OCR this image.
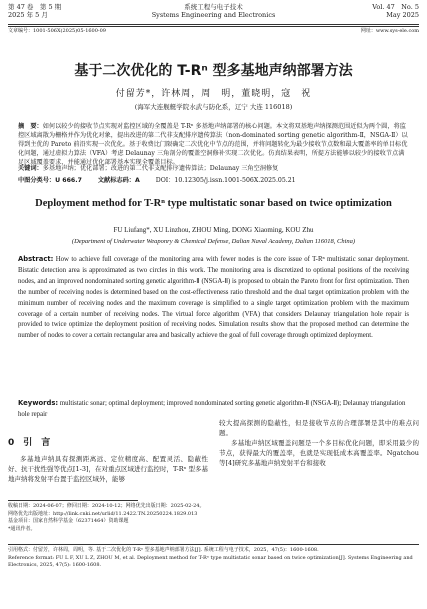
第 47 卷　第 5 期
2025 年 5 月
系统工程与电子技术
Systems Engineering and Electronics
Vol. 47　No. 5
May 2025
文章编号：1001-506X(2025)05-1600-09	网址：www.sys-ele.com
基于二次优化的 T-Rⁿ 型多基地声纳部署方法
付留芳*，许林周，周　明，董晓明，寇　祝
(海军大连舰艇学院水武与防化系，辽宁 大连 116018)
摘　要：如何以较少的接收节点实现对监控区域的全覆盖是 T-Rⁿ 多基地声纳部署的核心问题。本文将双基地声纳探测范围近似为两个圆，将监控区域离散为栅格并作为优化对象，提出改进的第二代非支配排序遗传算法（non-dominated sorting genetic algorithm-Ⅱ，NSGA-Ⅱ）以得到主优的 Pareto 前沿实现一次优化。基于收费比门限确定二次优化中节点的范围，并将问题转化为最少接收节点数和最大覆盖率的单目标优化问题，通过虚拟力算法（VFA）考虑 Delaunay 三角剖分的覆盖空洞修补实现二次优化。仿真结果表明，所提方法能够以较少的接收节点满足区域覆盖要求，并能通过优化部署基本实现全覆盖目标。
关键词：多基地声纳；优化部署；改进的第二代非支配排序遗传算法；Delaunay 三角空洞修复
中图分类号：U 666.7	文献标志码：A	DOI：10.12305/j.issn.1001-506X.2025.05.21
Deployment method for T-Rⁿ type multistatic sonar based on twice optimization
FU Liufang*, XU Linzhou, ZHOU Ming, DONG Xiaoming, KOU Zhu
(Department of Underwater Weaponry & Chemical Defense, Dalian Naval Academy, Dalian 116018, China)
Abstract: How to achieve full coverage of the monitoring area with fewer nodes is the core issue of T-Rⁿ multistatic sonar deployment. Bistatic detection area is approximated as two circles in this work. The monitoring area is discretized to optional positions of the receiving nodes, and an improved nondominated sorting genetic algorithm-Ⅱ (NSGA-Ⅱ) is proposed to obtain the Pareto front for first optimization. Then the number of receiving nodes is determined based on the cost-effectiveness ratio threshold and the dual target optimization problem with the minimum number of receiving nodes and the maximum coverage is simplified to a single target optimization problem with the maximum coverage of a certain number of receiving nodes. The virtual force algorithm (VFA) that considers Delaunay triangulation hole repair is provided to twice optimize the deployment position of receiving nodes. Simulation results show that the proposed method can determine the number of nodes to cover a certain rectangular area and basically achieve the goal of full coverage through optimized deployment.
Keywords: multistatic sonar; optimal deployment; improved nondominated sorting genetic algorithm-Ⅱ (NSGA-Ⅱ); Delaunay triangulation hole repair
0　引　言

多基地声纳具有探测距离远、定位精度高、配置灵活、隐蔽性好、抗干扰性强等优点[1-3]，在对重点区域进行监控时，T-Rⁿ 型多基地声纳将发射平台置于监控区域外，能够

较大提高探测的隐蔽性，但是接收节点的合理部署是其中的难点问题。

多基地声纳区域覆盖问题是一个多目标优化问题，即采用最少的节点，获得最大的覆盖率，也就是实现低成本高覆盖率。Ngatchou 等[4]研究多基地声纳发射平台和接收

收稿日期：2024-06-07；修回日期：2024-10-12；网络优先出版日期：2025-02-24。
网络优先出版地址：http://link.cnki.net/urlid/11.2422.TN.20250224.1829.013
基金项目：国家自然科学基金（62371464）资助课题
*通讯作者。
引用格式：付留芳，许林周，周明，等. 基于二次优化的 T-Rⁿ 型多基地声纳部署方法[J]. 系统工程与电子技术，2025，47(5)：1600-1608.
Reference format: FU L F, XU L Z, ZHOU M, et al. Deployment method for T-Rⁿ type multistatic sonar based on twice optimization[J]. Systems Engineering and Electronics, 2025, 47(5): 1600-1608.
